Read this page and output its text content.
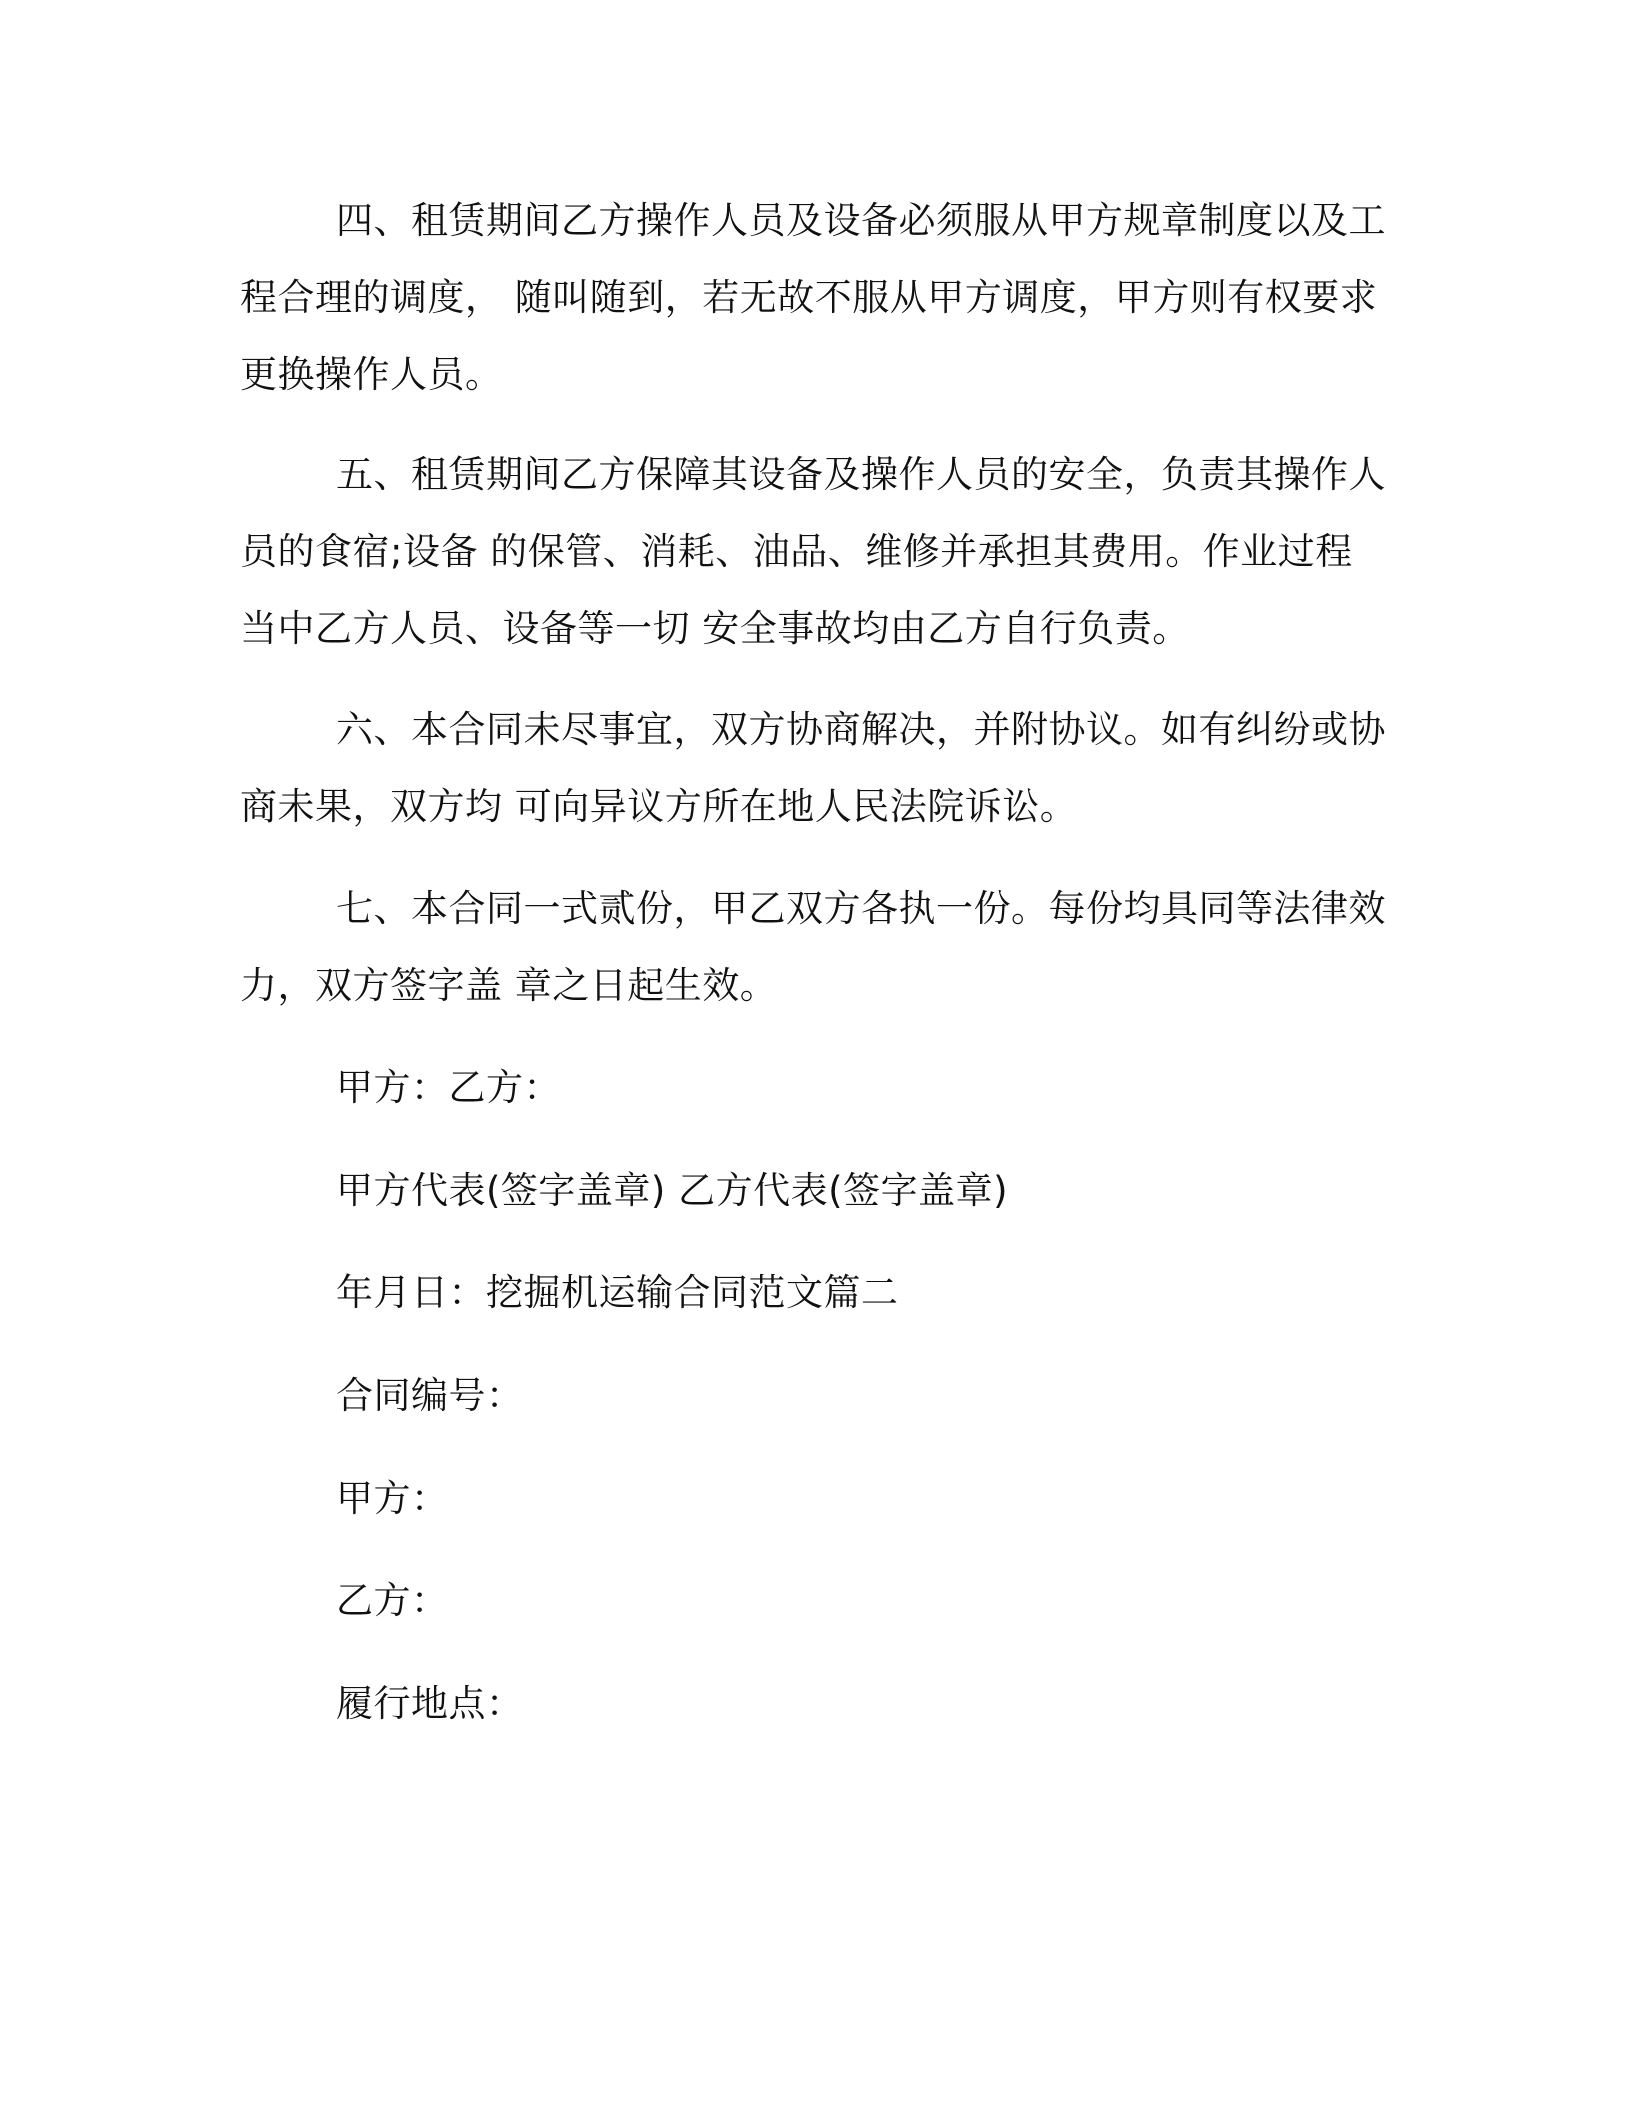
四、租赁期间乙方操作人员及设备必须服从甲方规章制度以及工程合理的调度， 随叫随到，若无故不服从甲方调度，甲方则有权要求更换操作人员。

五、租赁期间乙方保障其设备及操作人员的安全，负责其操作人员的食宿;设备 的保管、消耗、油品、维修并承担其费用。作业过程当中乙方人员、设备等一切 安全事故均由乙方自行负责。

六、本合同未尽事宜，双方协商解决，并附协议。如有纠纷或协商未果，双方均 可向异议方所在地人民法院诉讼。

七、本合同一式贰份，甲乙双方各执一份。每份均具同等法律效力，双方签字盖 章之日起生效。

甲方：乙方：

甲方代表(签字盖章) 乙方代表(签字盖章)

年月日：挖掘机运输合同范文篇二

合同编号：

甲方：

乙方：

履行地点：
